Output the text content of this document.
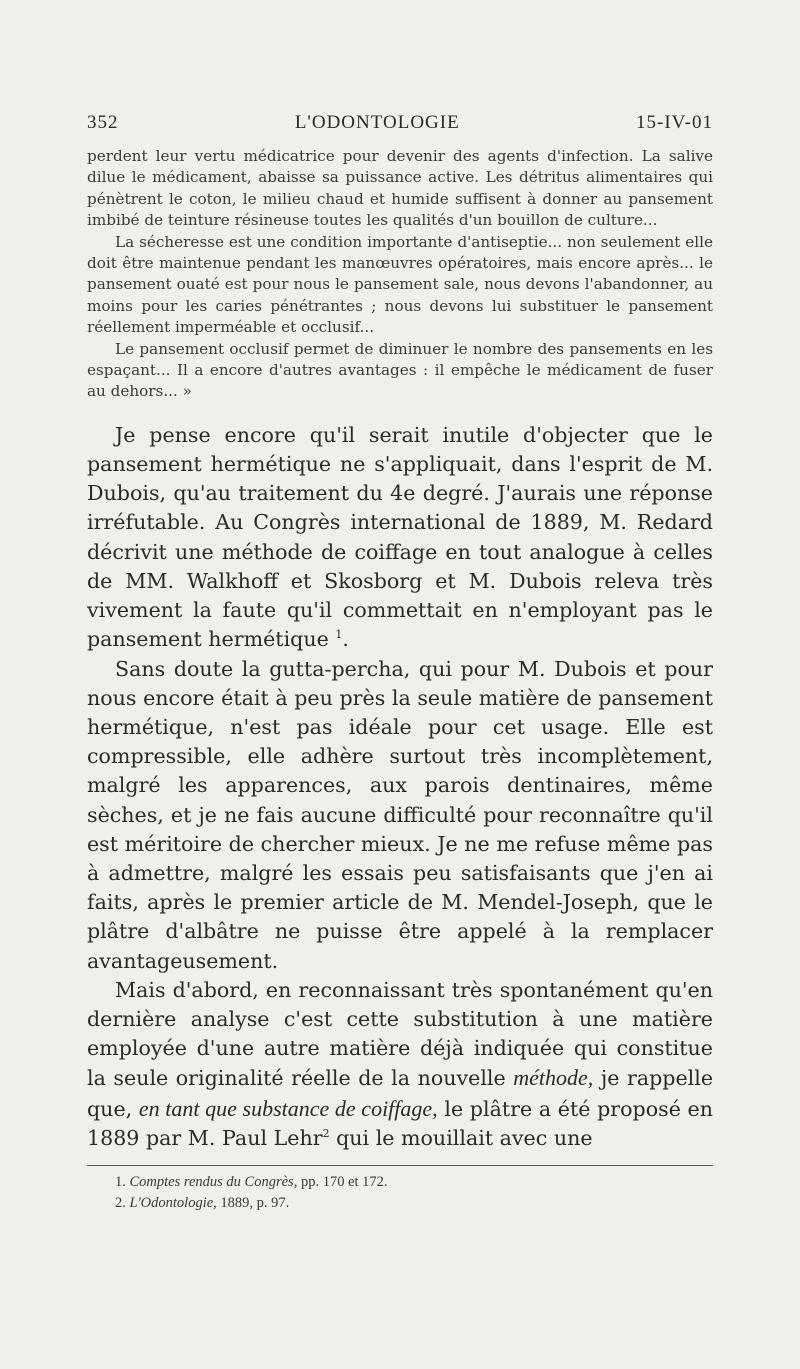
352	L'ODONTOLOGIE	15-IV-01

perdent leur vertu médicatrice pour devenir des agents d'infection. La salive dilue le médicament, abaisse sa puissance active. Les détritus alimentaires qui pénètrent le coton, le milieu chaud et humide suffisent à donner au pansement imbibé de teinture résineuse toutes les qualités d'un bouillon de culture...

La sécheresse est une condition importante d'antiseptie... non seulement elle doit être maintenue pendant les manœuvres opératoires, mais encore après... le pansement ouaté est pour nous le pansement sale, nous devons l'abandonner, au moins pour les caries pénétrantes ; nous devons lui substituer le pansement réellement imperméable et occlusif...

Le pansement occlusif permet de diminuer le nombre des pansements en les espaçant... Il a encore d'autres avantages : il empêche le médicament de fuser au dehors... »

Je pense encore qu'il serait inutile d'objecter que le pansement hermétique ne s'appliquait, dans l'esprit de M. Dubois, qu'au traitement du 4e degré. J'aurais une réponse irréfutable. Au Congrès international de 1889, M. Redard décrivit une méthode de coiffage en tout analogue à celles de MM. Walkhoff et Skosborg et M. Dubois releva très vivement la faute qu'il commettait en n'employant pas le pansement hermétique $^1$.

Sans doute la gutta-percha, qui pour M. Dubois et pour nous encore était à peu près la seule matière de pansement hermétique, n'est pas idéale pour cet usage. Elle est compressible, elle adhère surtout très incomplètement, malgré les apparences, aux parois dentinaires, même sèches, et je ne fais aucune difficulté pour reconnaître qu'il est méritoire de chercher mieux. Je ne me refuse même pas à admettre, malgré les essais peu satisfaisants que j'en ai faits, après le premier article de M. Mendel-Joseph, que le plâtre d'albâtre ne puisse être appelé à la remplacer avantageusement.

Mais d'abord, en reconnaissant très spontanément qu'en dernière analyse c'est cette substitution à une matière employée d'une autre matière déjà indiquée qui constitue la seule originalité réelle de la nouvelle méthode, je rappelle que, en tant que substance de coiffage, le plâtre a été proposé en 1889 par M. Paul Lehr$^2$ qui le mouillait avec une

1. Comptes rendus du Congrès, pp. 170 et 172.
2. L'Odontologie, 1889, p. 97.
